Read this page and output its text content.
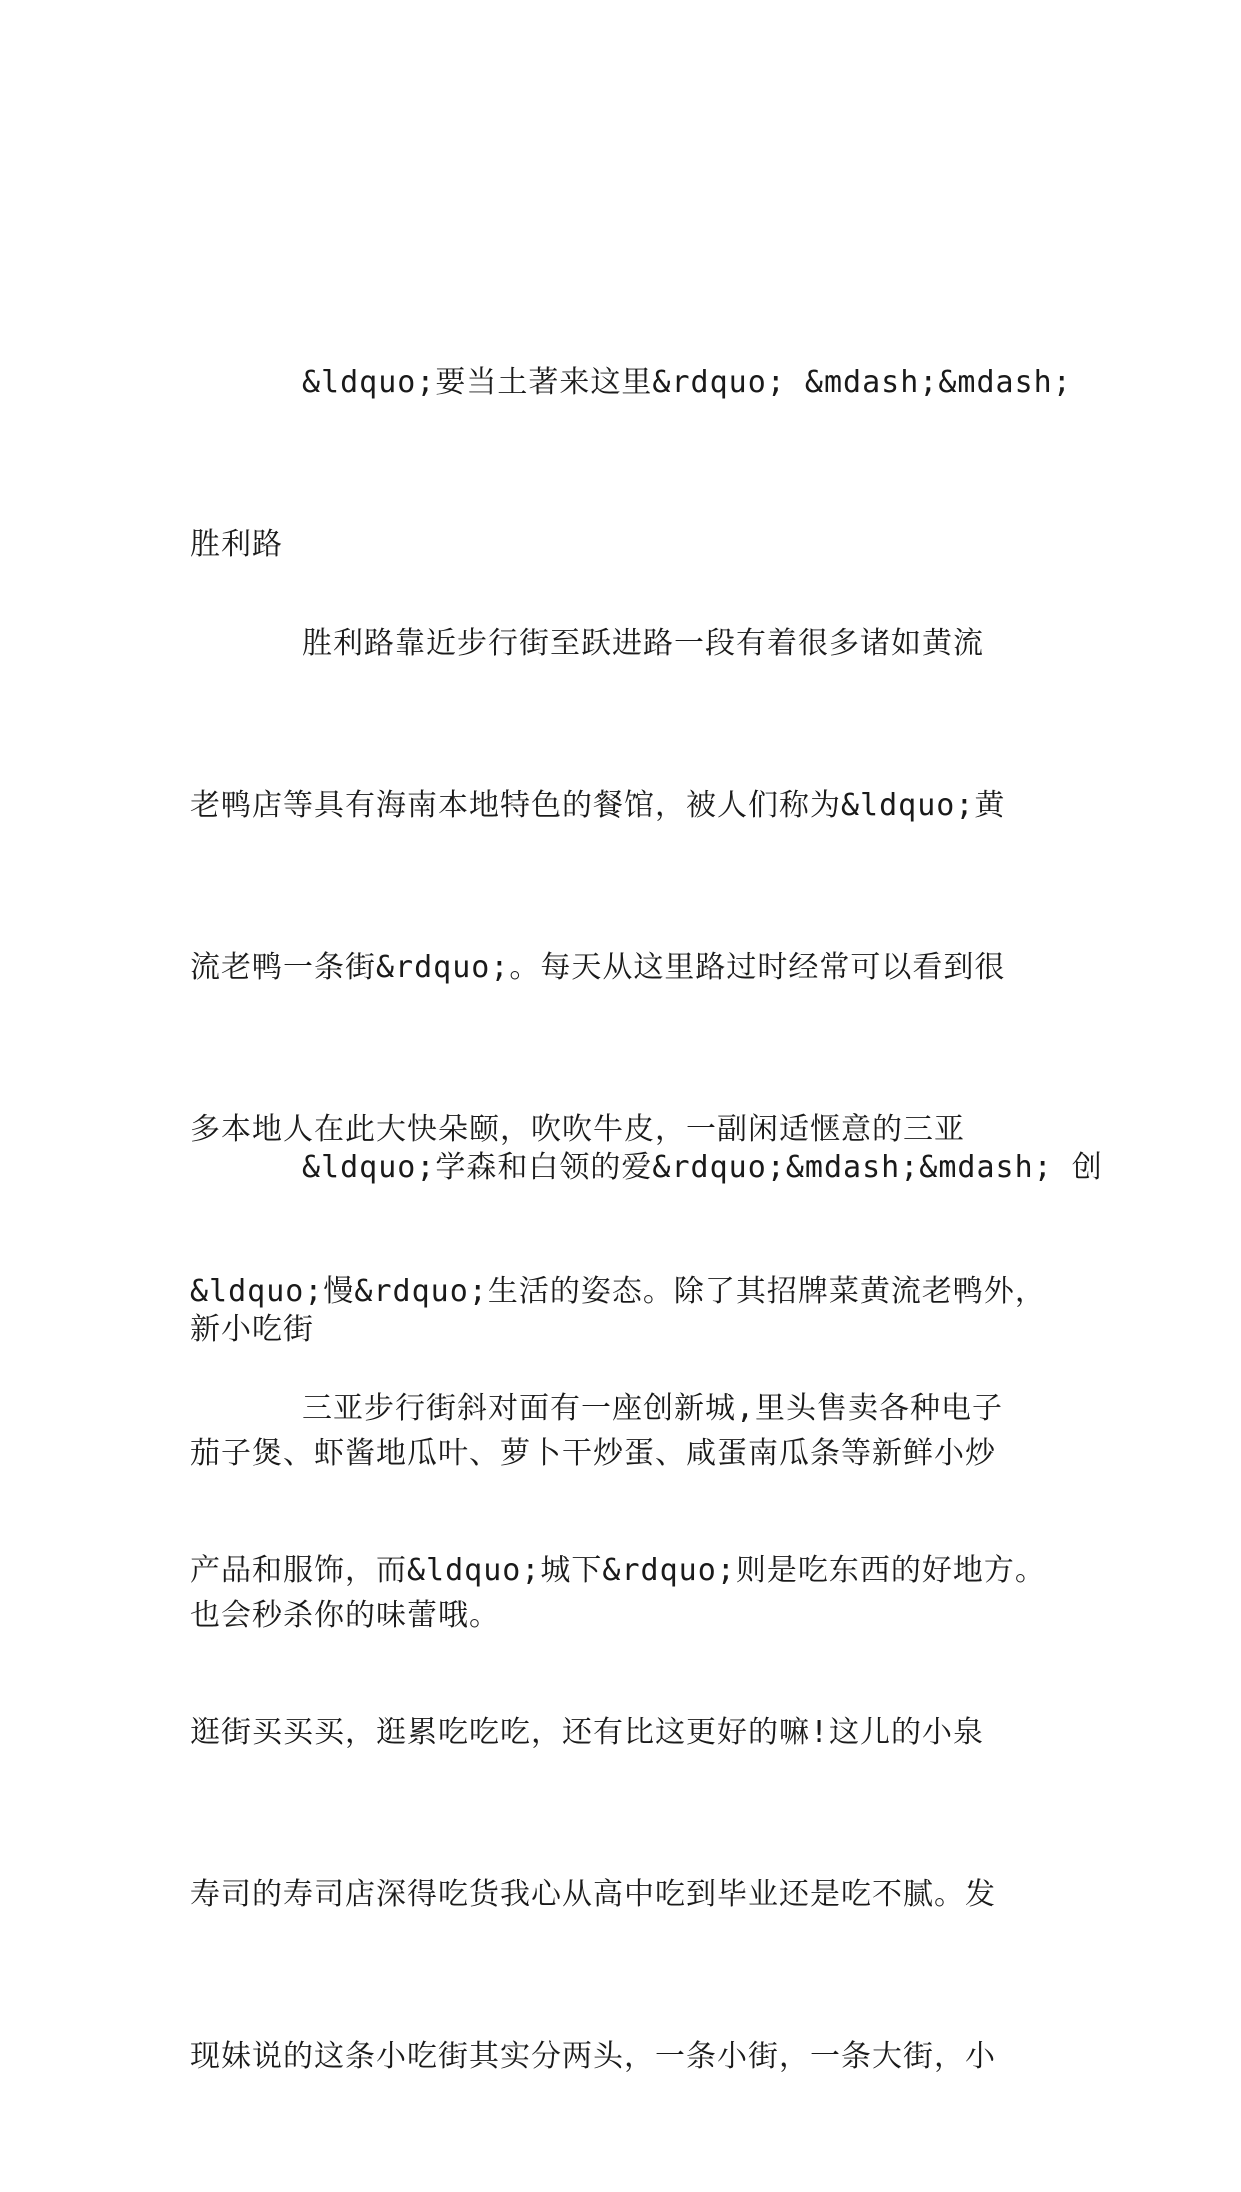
&ldquo;要当土著来这里&rdquo; &mdash;&mdash;

胜利路

胜利路靠近步行街至跃进路一段有着很多诸如黄流

老鸭店等具有海南本地特色的餐馆，被人们称为&ldquo;黄

流老鸭一条街&rdquo;。每天从这里路过时经常可以看到很

多本地人在此大快朵颐，吹吹牛皮，一副闲适惬意的三亚

&ldquo;慢&rdquo;生活的姿态。除了其招牌菜黄流老鸭外，

茄子煲、虾酱地瓜叶、萝卜干炒蛋、咸蛋南瓜条等新鲜小炒

也会秒杀你的味蕾哦。

&ldquo;学森和白领的爱&rdquo;&mdash;&mdash; 创

新小吃街

三亚步行街斜对面有一座创新城,里头售卖各种电子

产品和服饰，而&ldquo;城下&rdquo;则是吃东西的好地方。

逛街买买买，逛累吃吃吃，还有比这更好的嘛!这儿的小泉

寿司的寿司店深得吃货我心从高中吃到毕业还是吃不腻。发

现妹说的这条小吃街其实分两头，一条小街，一条大街，小
